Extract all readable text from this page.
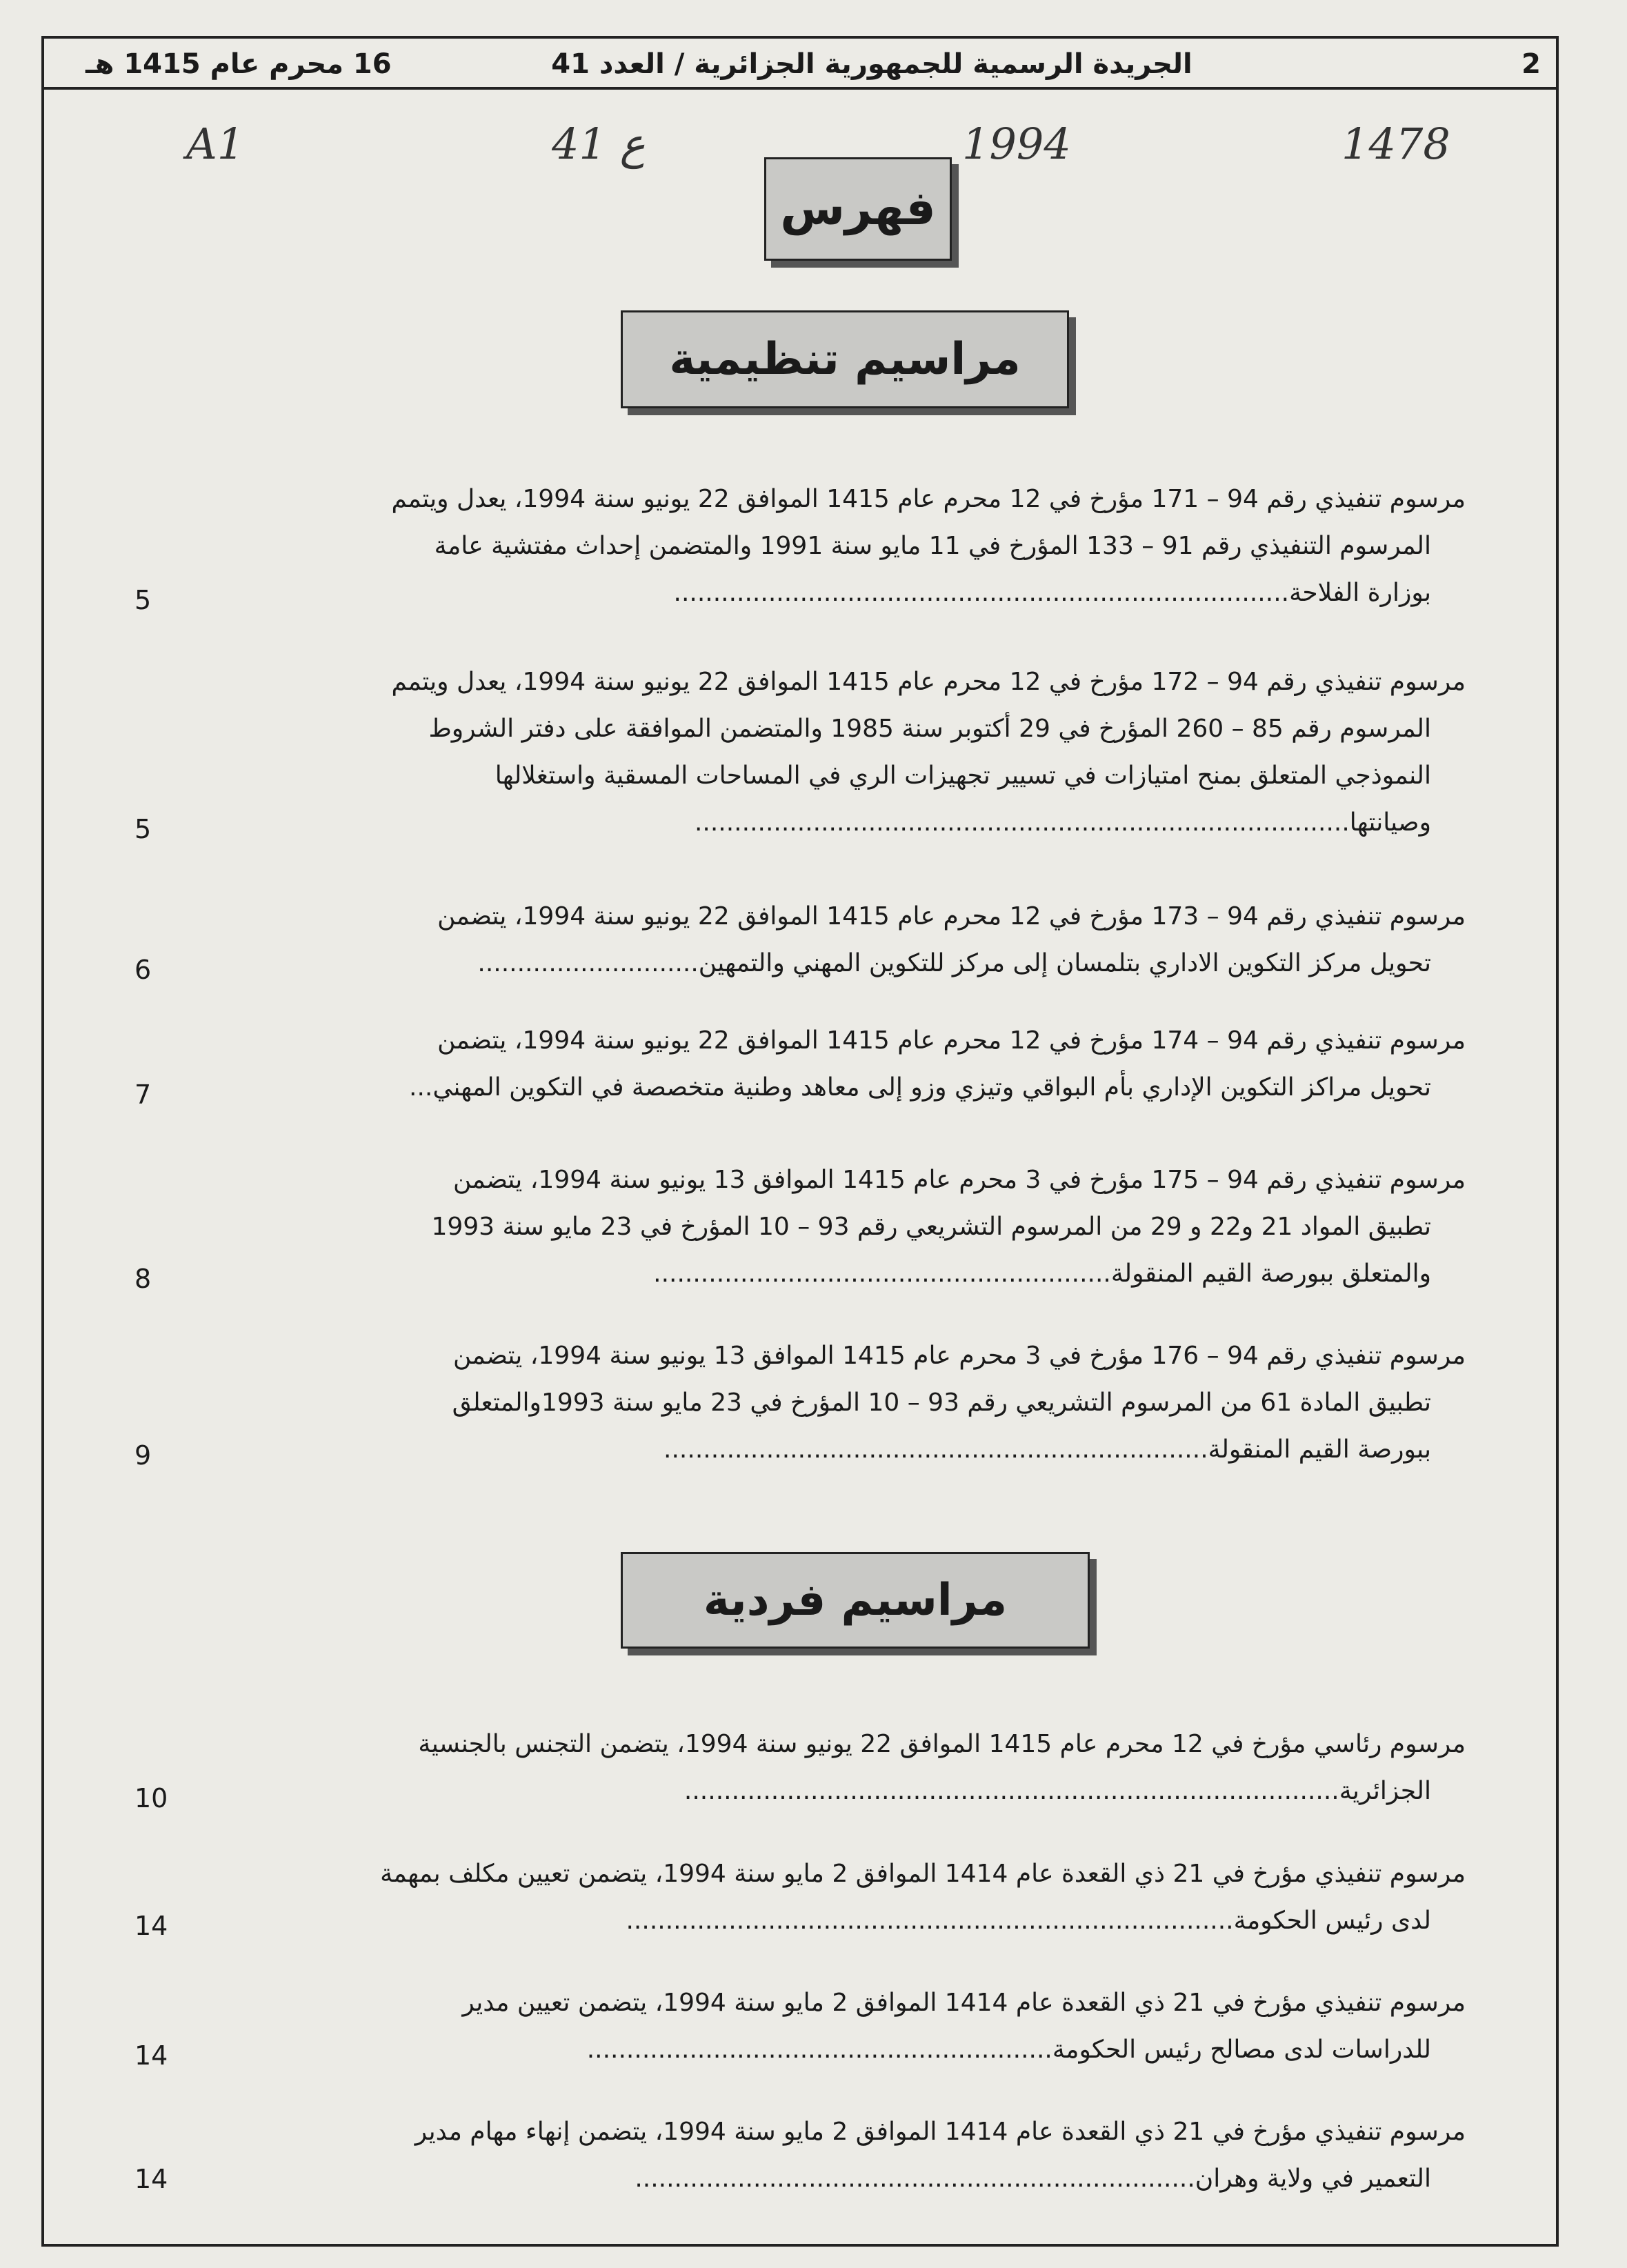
2
الجريدة الرسمية للجمهورية الجزائرية / العدد 41
16 محرم عام 1415 هـ
A1	41 ع	1994	1478
فهرس
مراسيم تنظيمية
مراسيم فردية
مرسوم تنفيذي رقم 94 – 171 مؤرخ في 12 محرم عام 1415 الموافق 22 يونيو سنة 1994، يعدل ويتمم
المرسوم التنفيذي رقم 91 – 133 المؤرخ في 11 مايو سنة 1991 والمتضمن إحداث مفتشية عامة
بوزارة الفلاحة..............................................................................
5
مرسوم تنفيذي رقم 94 – 172 مؤرخ في 12 محرم عام 1415 الموافق 22 يونيو سنة 1994، يعدل ويتمم
المرسوم رقم 85 – 260 المؤرخ في 29 أكتوبر سنة 1985 والمتضمن الموافقة على دفتر الشروط
النموذجي المتعلق بمنح امتيازات في تسيير تجهيزات الري في المساحات المسقية واستغلالها
وصيانتها...................................................................................
5
مرسوم تنفيذي رقم 94 – 173 مؤرخ في 12 محرم عام 1415 الموافق 22 يونيو سنة 1994، يتضمن
تحويل مركز التكوين الاداري بتلمسان إلى مركز للتكوين المهني والتمهين............................
6
مرسوم تنفيذي رقم 94 – 174 مؤرخ في 12 محرم عام 1415 الموافق 22 يونيو سنة 1994، يتضمن
تحويل مراكز التكوين الإداري بأم البواقي وتيزي وزو إلى معاهد وطنية متخصصة في التكوين المهني...
7
مرسوم تنفيذي رقم 94 – 175 مؤرخ في 3 محرم عام 1415 الموافق 13 يونيو سنة 1994، يتضمن
تطبيق المواد 21 و22 و 29 من المرسوم التشريعي رقم 93 – 10 المؤرخ في 23 مايو سنة 1993
والمتعلق ببورصة القيم المنقولة..........................................................
8
مرسوم تنفيذي رقم 94 – 176 مؤرخ في 3 محرم عام 1415 الموافق 13 يونيو سنة 1994، يتضمن
تطبيق المادة 61 من المرسوم التشريعي رقم 93 – 10 المؤرخ في 23 مايو سنة 1993والمتعلق
ببورصة القيم المنقولة.....................................................................
9
مرسوم رئاسي مؤرخ في 12 محرم عام 1415 الموافق 22 يونيو سنة 1994، يتضمن التجنس بالجنسية
الجزائرية...................................................................................
10
مرسوم تنفيذي مؤرخ في 21 ذي القعدة عام 1414 الموافق 2 مايو سنة 1994، يتضمن تعيين مكلف بمهمة
لدى رئيس الحكومة.............................................................................
14
مرسوم تنفيذي مؤرخ في 21 ذي القعدة عام 1414 الموافق 2 مايو سنة 1994، يتضمن تعيين مدير
للدراسات لدى مصالح رئيس الحكومة...........................................................
14
مرسوم تنفيذي مؤرخ في 21 ذي القعدة عام 1414 الموافق 2 مايو سنة 1994، يتضمن إنهاء مهام مدير
التعمير في ولاية وهران.......................................................................
14
